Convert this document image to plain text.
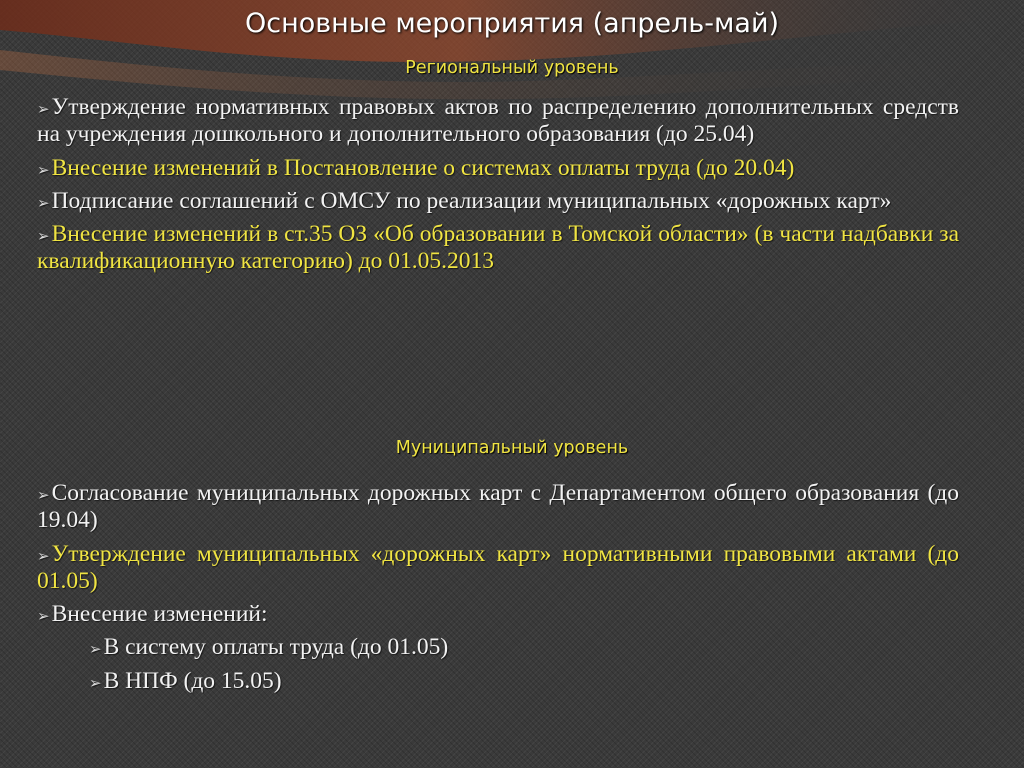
Основные мероприятия (апрель-май)
Региональный уровень

➢Утверждение нормативных правовых актов по распределению дополнительных средств на учреждения дошкольного и дополнительного образования (до 25.04)

➢Внесение изменений в Постановление о системах оплаты труда (до 20.04)

➢Подписание соглашений с ОМСУ по реализации муниципальных «дорожных карт»

➢Внесение изменений в ст.35 ОЗ «Об образовании в Томской области» (в части надбавки за квалификационную категорию) до 01.05.2013

Муниципальный уровень

➢Согласование муниципальных дорожных карт с Департаментом общего образования (до 19.04)

➢Утверждение муниципальных «дорожных карт» нормативными правовыми актами (до 01.05)

➢Внесение изменений:

➢В систему оплаты труда (до 01.05)

➢В НПФ (до 15.05)
